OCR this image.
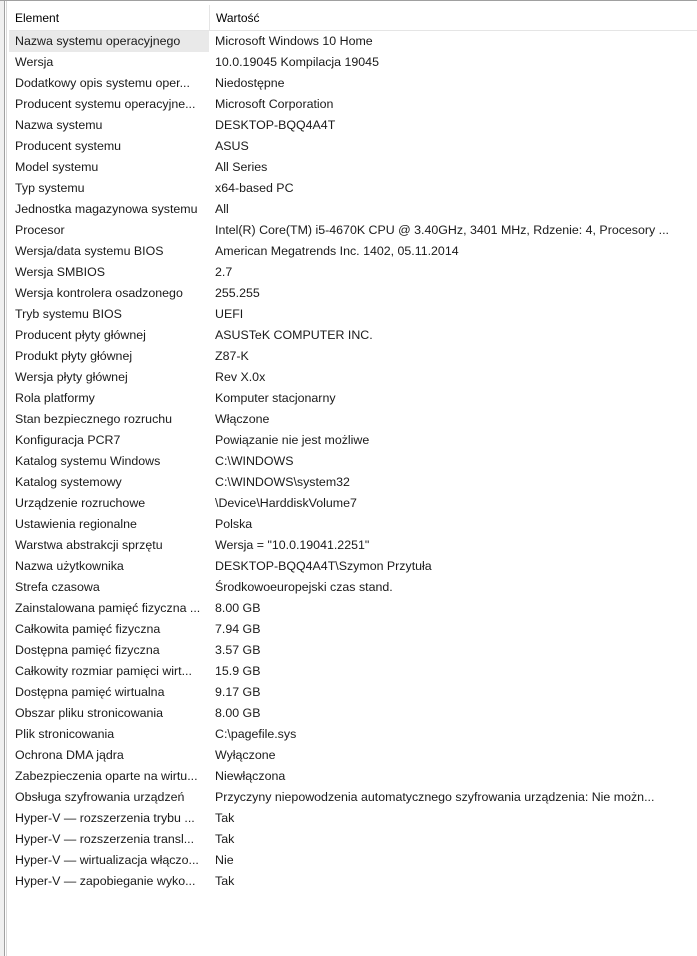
Element	Wartość
Nazwa systemu operacyjnego	Microsoft Windows 10 Home
Wersja	10.0.19045 Kompilacja 19045
Dodatkowy opis systemu oper...	Niedostępne
Producent systemu operacyjne...	Microsoft Corporation
Nazwa systemu	DESKTOP-BQQ4A4T
Producent systemu	ASUS
Model systemu	All Series
Typ systemu	x64-based PC
Jednostka magazynowa systemu	All
Procesor	Intel(R) Core(TM) i5-4670K CPU @ 3.40GHz, 3401 MHz, Rdzenie: 4, Procesory ...
Wersja/data systemu BIOS	American Megatrends Inc. 1402, 05.11.2014
Wersja SMBIOS	2.7
Wersja kontrolera osadzonego	255.255
Tryb systemu BIOS	UEFI
Producent płyty głównej	ASUSTeK COMPUTER INC.
Produkt płyty głównej	Z87-K
Wersja płyty głównej	Rev X.0x
Rola platformy	Komputer stacjonarny
Stan bezpiecznego rozruchu	Włączone
Konfiguracja PCR7	Powiązanie nie jest możliwe
Katalog systemu Windows	C:\WINDOWS
Katalog systemowy	C:\WINDOWS\system32
Urządzenie rozruchowe	\Device\HarddiskVolume7
Ustawienia regionalne	Polska
Warstwa abstrakcji sprzętu	Wersja = "10.0.19041.2251"
Nazwa użytkownika	DESKTOP-BQQ4A4T\Szymon Przytuła
Strefa czasowa	Środkowoeuropejski czas stand.
Zainstalowana pamięć fizyczna ...	8.00 GB
Całkowita pamięć fizyczna	7.94 GB
Dostępna pamięć fizyczna	3.57 GB
Całkowity rozmiar pamięci wirt...	15.9 GB
Dostępna pamięć wirtualna	9.17 GB
Obszar pliku stronicowania	8.00 GB
Plik stronicowania	C:\pagefile.sys
Ochrona DMA jądra	Wyłączone
Zabezpieczenia oparte na wirtu...	Niewłączona
Obsługa szyfrowania urządzeń	Przyczyny niepowodzenia automatycznego szyfrowania urządzenia: Nie możn...
Hyper-V — rozszerzenia trybu ...	Tak
Hyper-V — rozszerzenia transl...	Tak
Hyper-V — wirtualizacja włączo...	Nie
Hyper-V — zapobieganie wyko...	Tak
